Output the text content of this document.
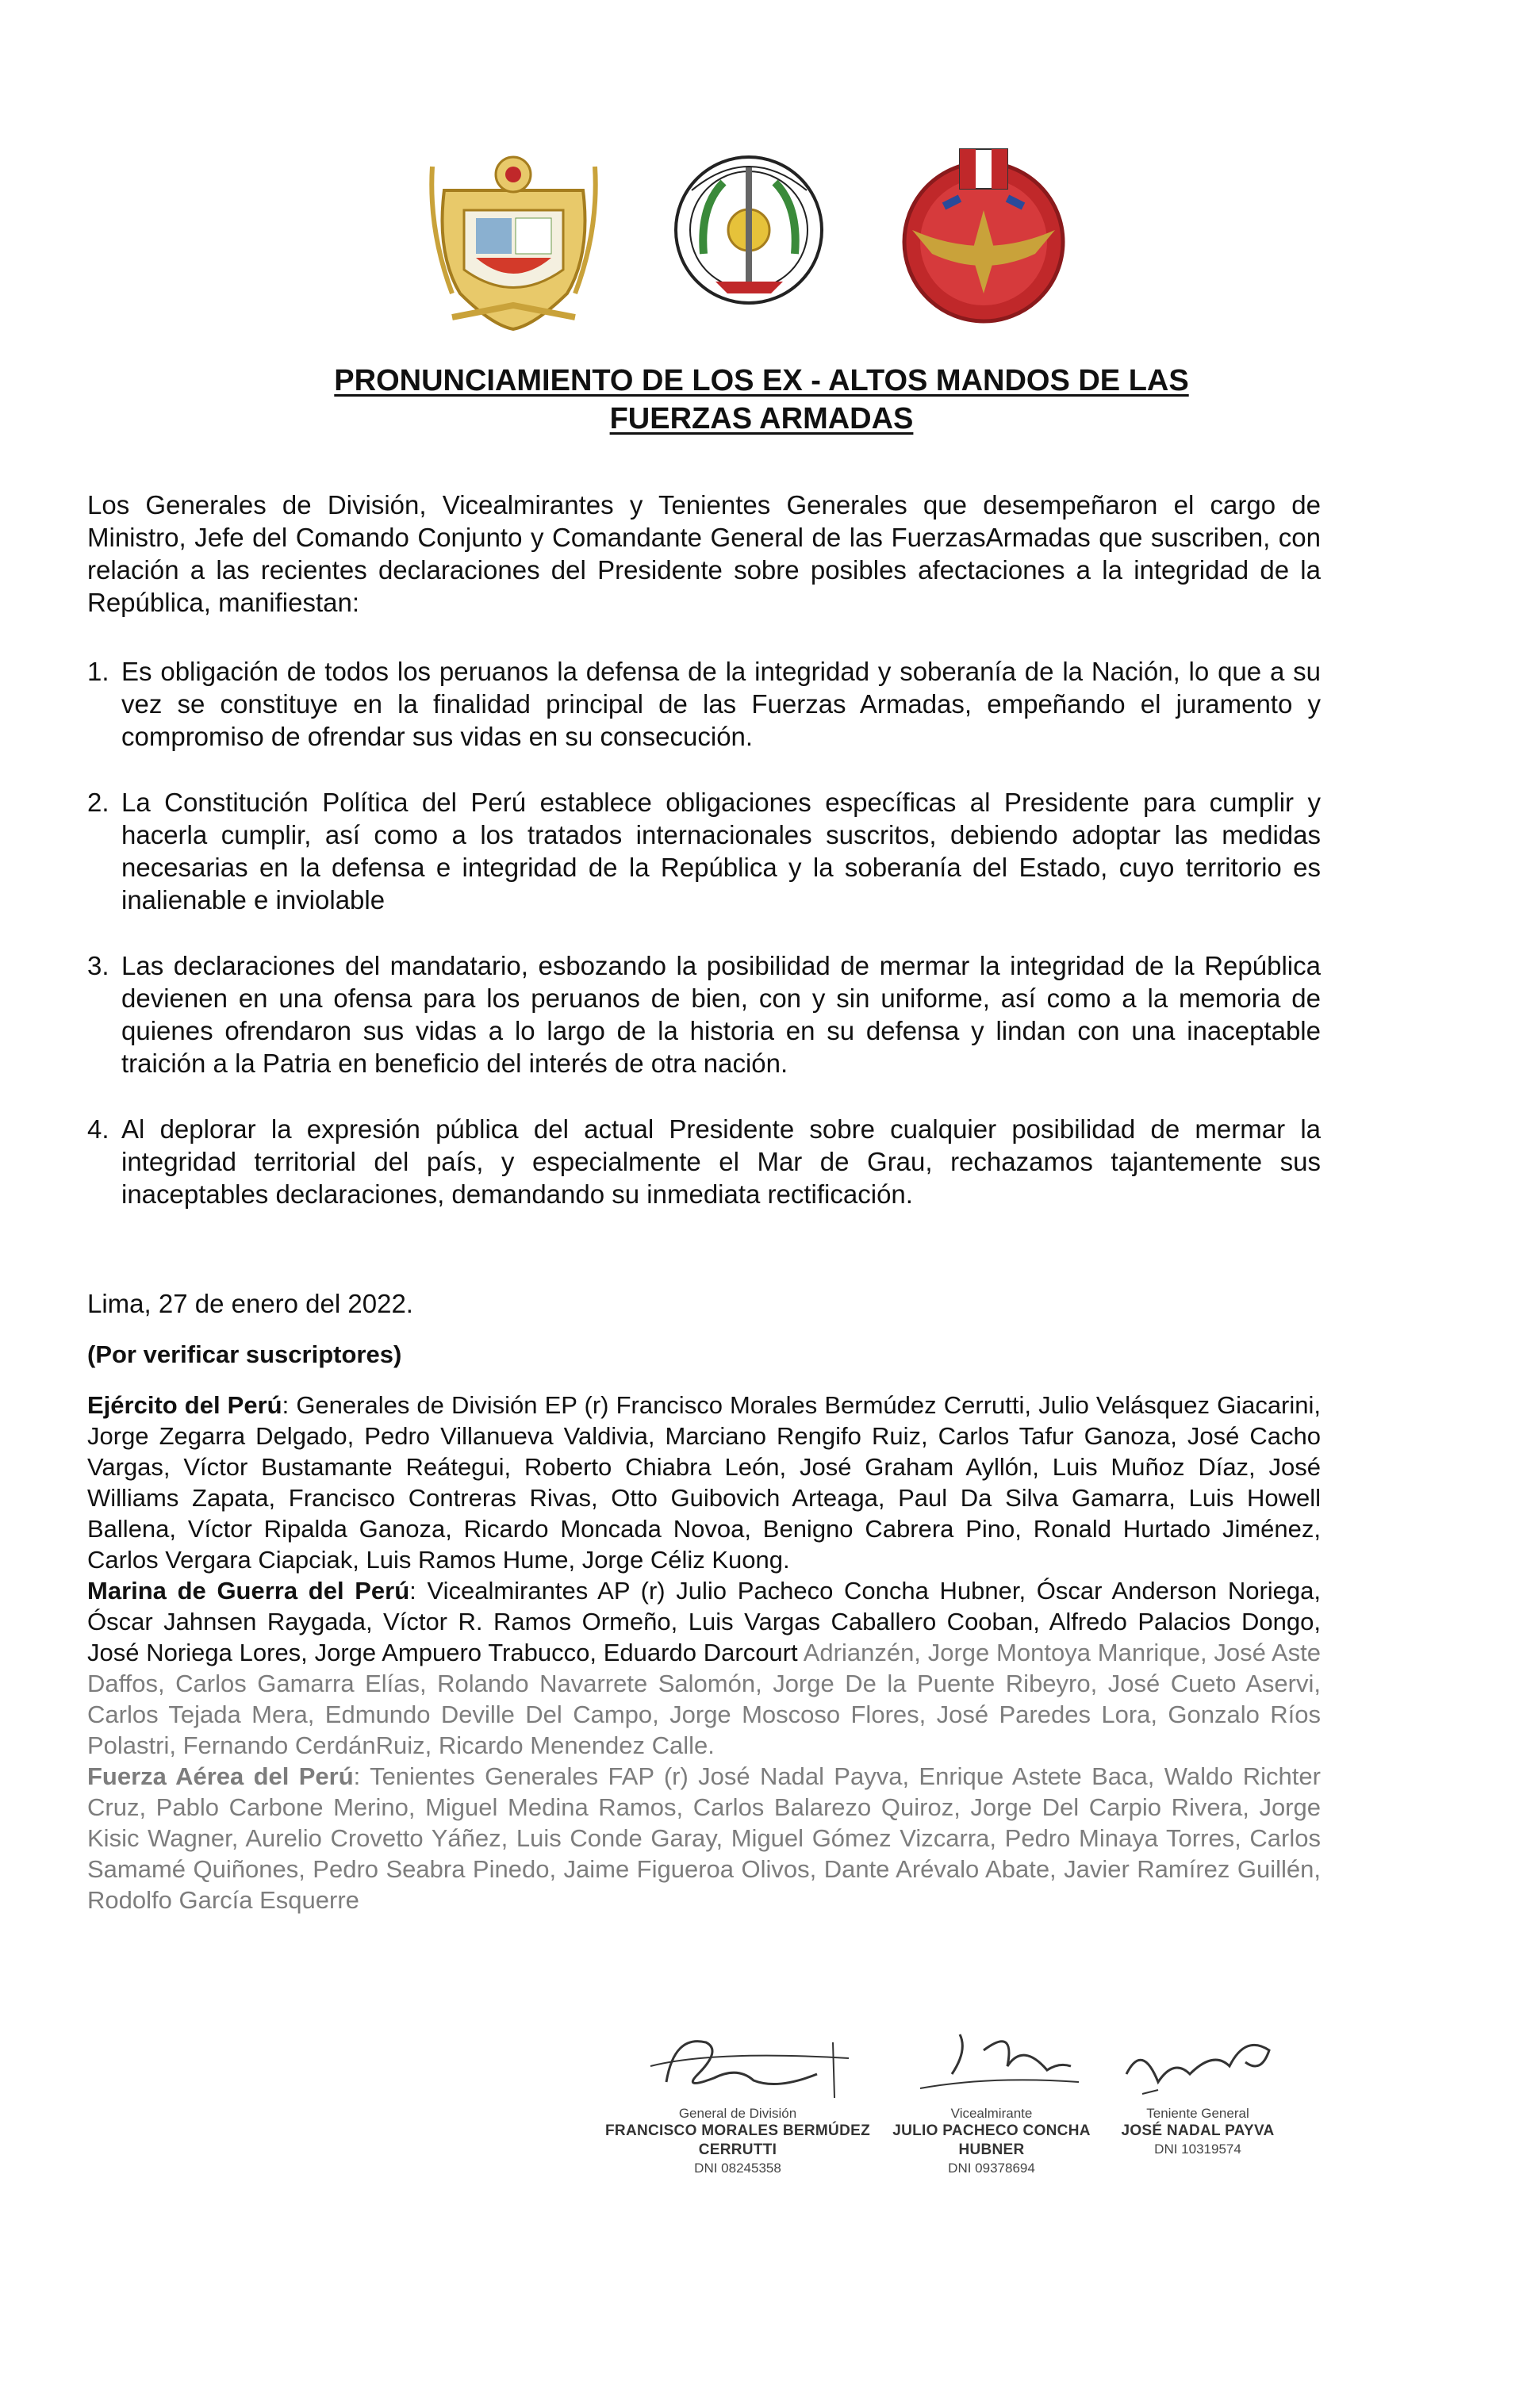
PRONUNCIAMIENTO DE LOS EX - ALTOS MANDOS DE LAS
FUERZAS ARMADAS
Los Generales de División, Vicealmirantes y Tenientes Generales que desempeñaron el cargo de Ministro, Jefe del Comando Conjunto y Comandante General de las FuerzasArmadas que suscriben, con relación a las recientes declaraciones del Presidente sobre posibles afectaciones a la integridad de la República, manifiestan:
1. Es obligación de todos los peruanos la defensa de la integridad y soberanía de la Nación, lo que a su vez se constituye en la finalidad principal de las Fuerzas Armadas, empeñando el juramento y compromiso de ofrendar sus vidas en su consecución.
2. La Constitución Política del Perú establece obligaciones específicas al Presidente para cumplir y hacerla cumplir, así como a los tratados internacionales suscritos, debiendo adoptar las medidas necesarias en la defensa e integridad de la República y la soberanía del Estado, cuyo territorio es inalienable e inviolable
3. Las declaraciones del mandatario, esbozando la posibilidad de mermar la integridad de la República devienen en una ofensa para los peruanos de bien, con y sin uniforme, así como a la memoria de quienes ofrendaron sus vidas a lo largo de la historia en su defensa y lindan con una inaceptable traición a la Patria en beneficio del interés de otra nación.
4. Al deplorar la expresión pública del actual Presidente sobre cualquier posibilidad de mermar la integridad territorial del país, y especialmente el Mar de Grau, rechazamos tajantemente sus inaceptables declaraciones, demandando su inmediata rectificación.
Lima, 27 de enero del 2022.
(Por verificar suscriptores)
Ejército del Perú: Generales de División EP (r) Francisco Morales Bermúdez Cerrutti, Julio Velásquez Giacarini, Jorge Zegarra Delgado, Pedro Villanueva Valdivia, Marciano Rengifo Ruiz, Carlos Tafur Ganoza, José Cacho Vargas, Víctor Bustamante Reátegui, Roberto Chiabra León, José Graham Ayllón, Luis Muñoz Díaz, José Williams Zapata, Francisco Contreras Rivas, Otto Guibovich Arteaga, Paul Da Silva Gamarra, Luis Howell Ballena, Víctor Ripalda Ganoza, Ricardo Moncada Novoa, Benigno Cabrera Pino, Ronald Hurtado Jiménez, Carlos Vergara Ciapciak, Luis Ramos Hume, Jorge Céliz Kuong.
Marina de Guerra del Perú: Vicealmirantes AP (r) Julio Pacheco Concha Hubner, Óscar Anderson Noriega, Óscar Jahnsen Raygada, Víctor R. Ramos Ormeño, Luis Vargas Caballero Cooban, Alfredo Palacios Dongo, José Noriega Lores, Jorge Ampuero Trabucco, Eduardo Darcourt Adrianzén, Jorge Montoya Manrique, José Aste Daffos, Carlos Gamarra Elías, Rolando Navarrete Salomón, Jorge De la Puente Ribeyro, José Cueto Aservi, Carlos Tejada Mera, Edmundo Deville Del Campo, Jorge Moscoso Flores, José Paredes Lora, Gonzalo Ríos Polastri, Fernando CerdánRuiz, Ricardo Menendez Calle.
Fuerza Aérea del Perú: Tenientes Generales FAP (r) José Nadal Payva, Enrique Astete Baca, Waldo Richter Cruz, Pablo Carbone Merino, Miguel Medina Ramos, Carlos Balarezo Quiroz, Jorge Del Carpio Rivera, Jorge Kisic Wagner, Aurelio Crovetto Yáñez, Luis Conde Garay, Miguel Gómez Vizcarra, Pedro Minaya Torres, Carlos Samamé Quiñones, Pedro Seabra Pinedo, Jaime Figueroa Olivos, Dante Arévalo Abate, Javier Ramírez Guillén, Rodolfo García Esquerre
General de División
FRANCISCO MORALES BERMÚDEZ CERRUTTI
DNI 08245358
Vicealmirante
JULIO PACHECO CONCHA HUBNER
DNI 09378694
Teniente General
JOSÉ NADAL PAYVA
DNI 10319574
